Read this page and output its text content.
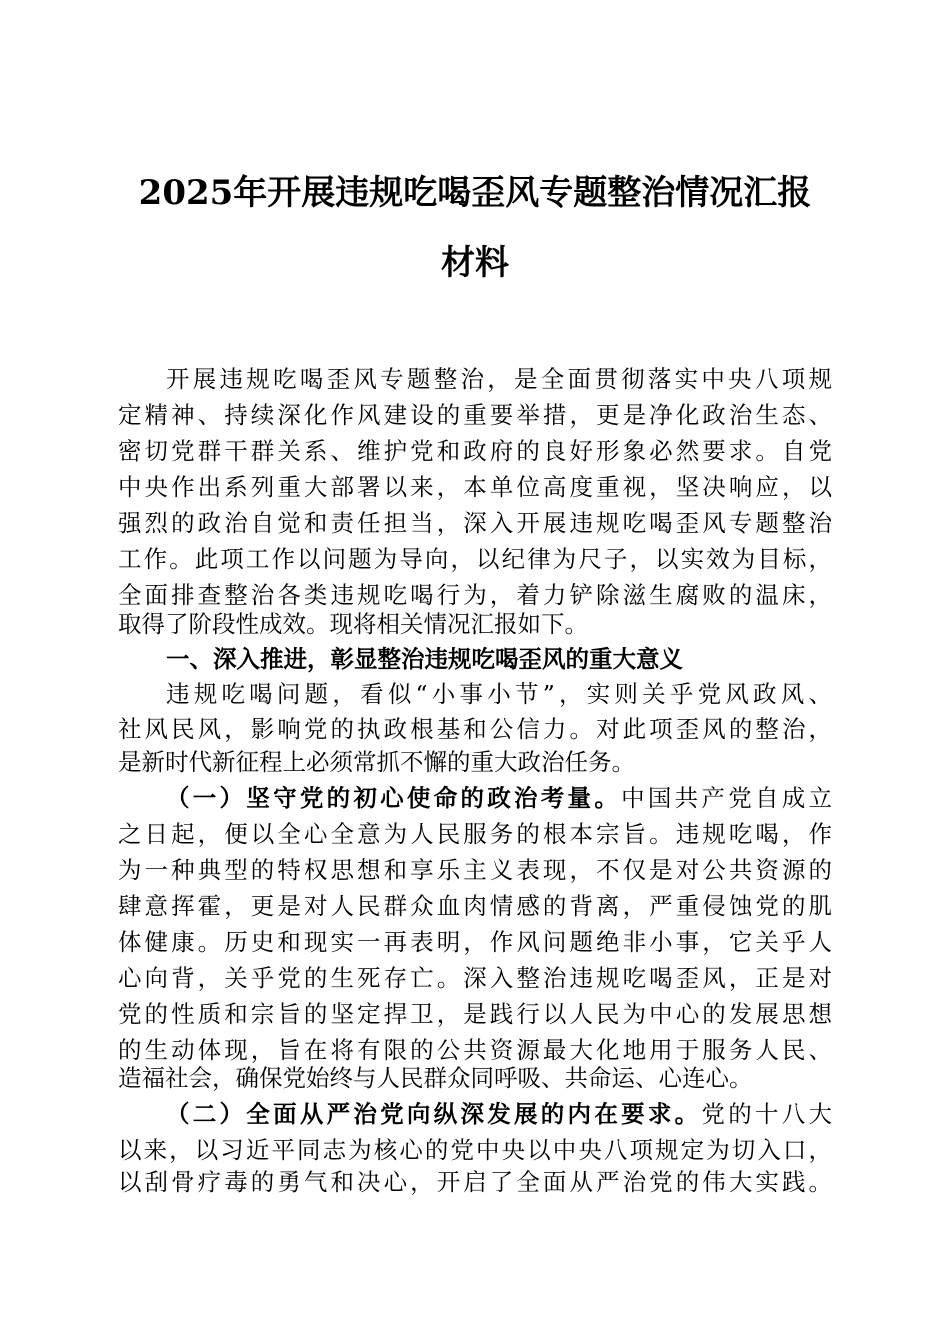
2025年开展违规吃喝歪风专题整治情况汇报
材料
开展违规吃喝歪风专题整治，是全面贯彻落实中央八项规
定精神、持续深化作风建设的重要举措，更是净化政治生态、
密切党群干群关系、维护党和政府的良好形象必然要求。自党
中央作出系列重大部署以来，本单位高度重视，坚决响应，以
强烈的政治自觉和责任担当，深入开展违规吃喝歪风专题整治
工作。此项工作以问题为导向，以纪律为尺子，以实效为目标，
全面排查整治各类违规吃喝行为，着力铲除滋生腐败的温床，
取得了阶段性成效。现将相关情况汇报如下。
一、深入推进，彰显整治违规吃喝歪风的重大意义
违规吃喝问题，看似“小事小节”，实则关乎党风政风、
社风民风，影响党的执政根基和公信力。对此项歪风的整治，
是新时代新征程上必须常抓不懈的重大政治任务。
（一）坚守党的初心使命的政治考量。中国共产党自成立
之日起，便以全心全意为人民服务的根本宗旨。违规吃喝，作
为一种典型的特权思想和享乐主义表现，不仅是对公共资源的
肆意挥霍，更是对人民群众血肉情感的背离，严重侵蚀党的肌
体健康。历史和现实一再表明，作风问题绝非小事，它关乎人
心向背，关乎党的生死存亡。深入整治违规吃喝歪风，正是对
党的性质和宗旨的坚定捍卫，是践行以人民为中心的发展思想
的生动体现，旨在将有限的公共资源最大化地用于服务人民、
造福社会，确保党始终与人民群众同呼吸、共命运、心连心。
（二）全面从严治党向纵深发展的内在要求。党的十八大
以来，以习近平同志为核心的党中央以中央八项规定为切入口，
以刮骨疗毒的勇气和决心，开启了全面从严治党的伟大实践。
